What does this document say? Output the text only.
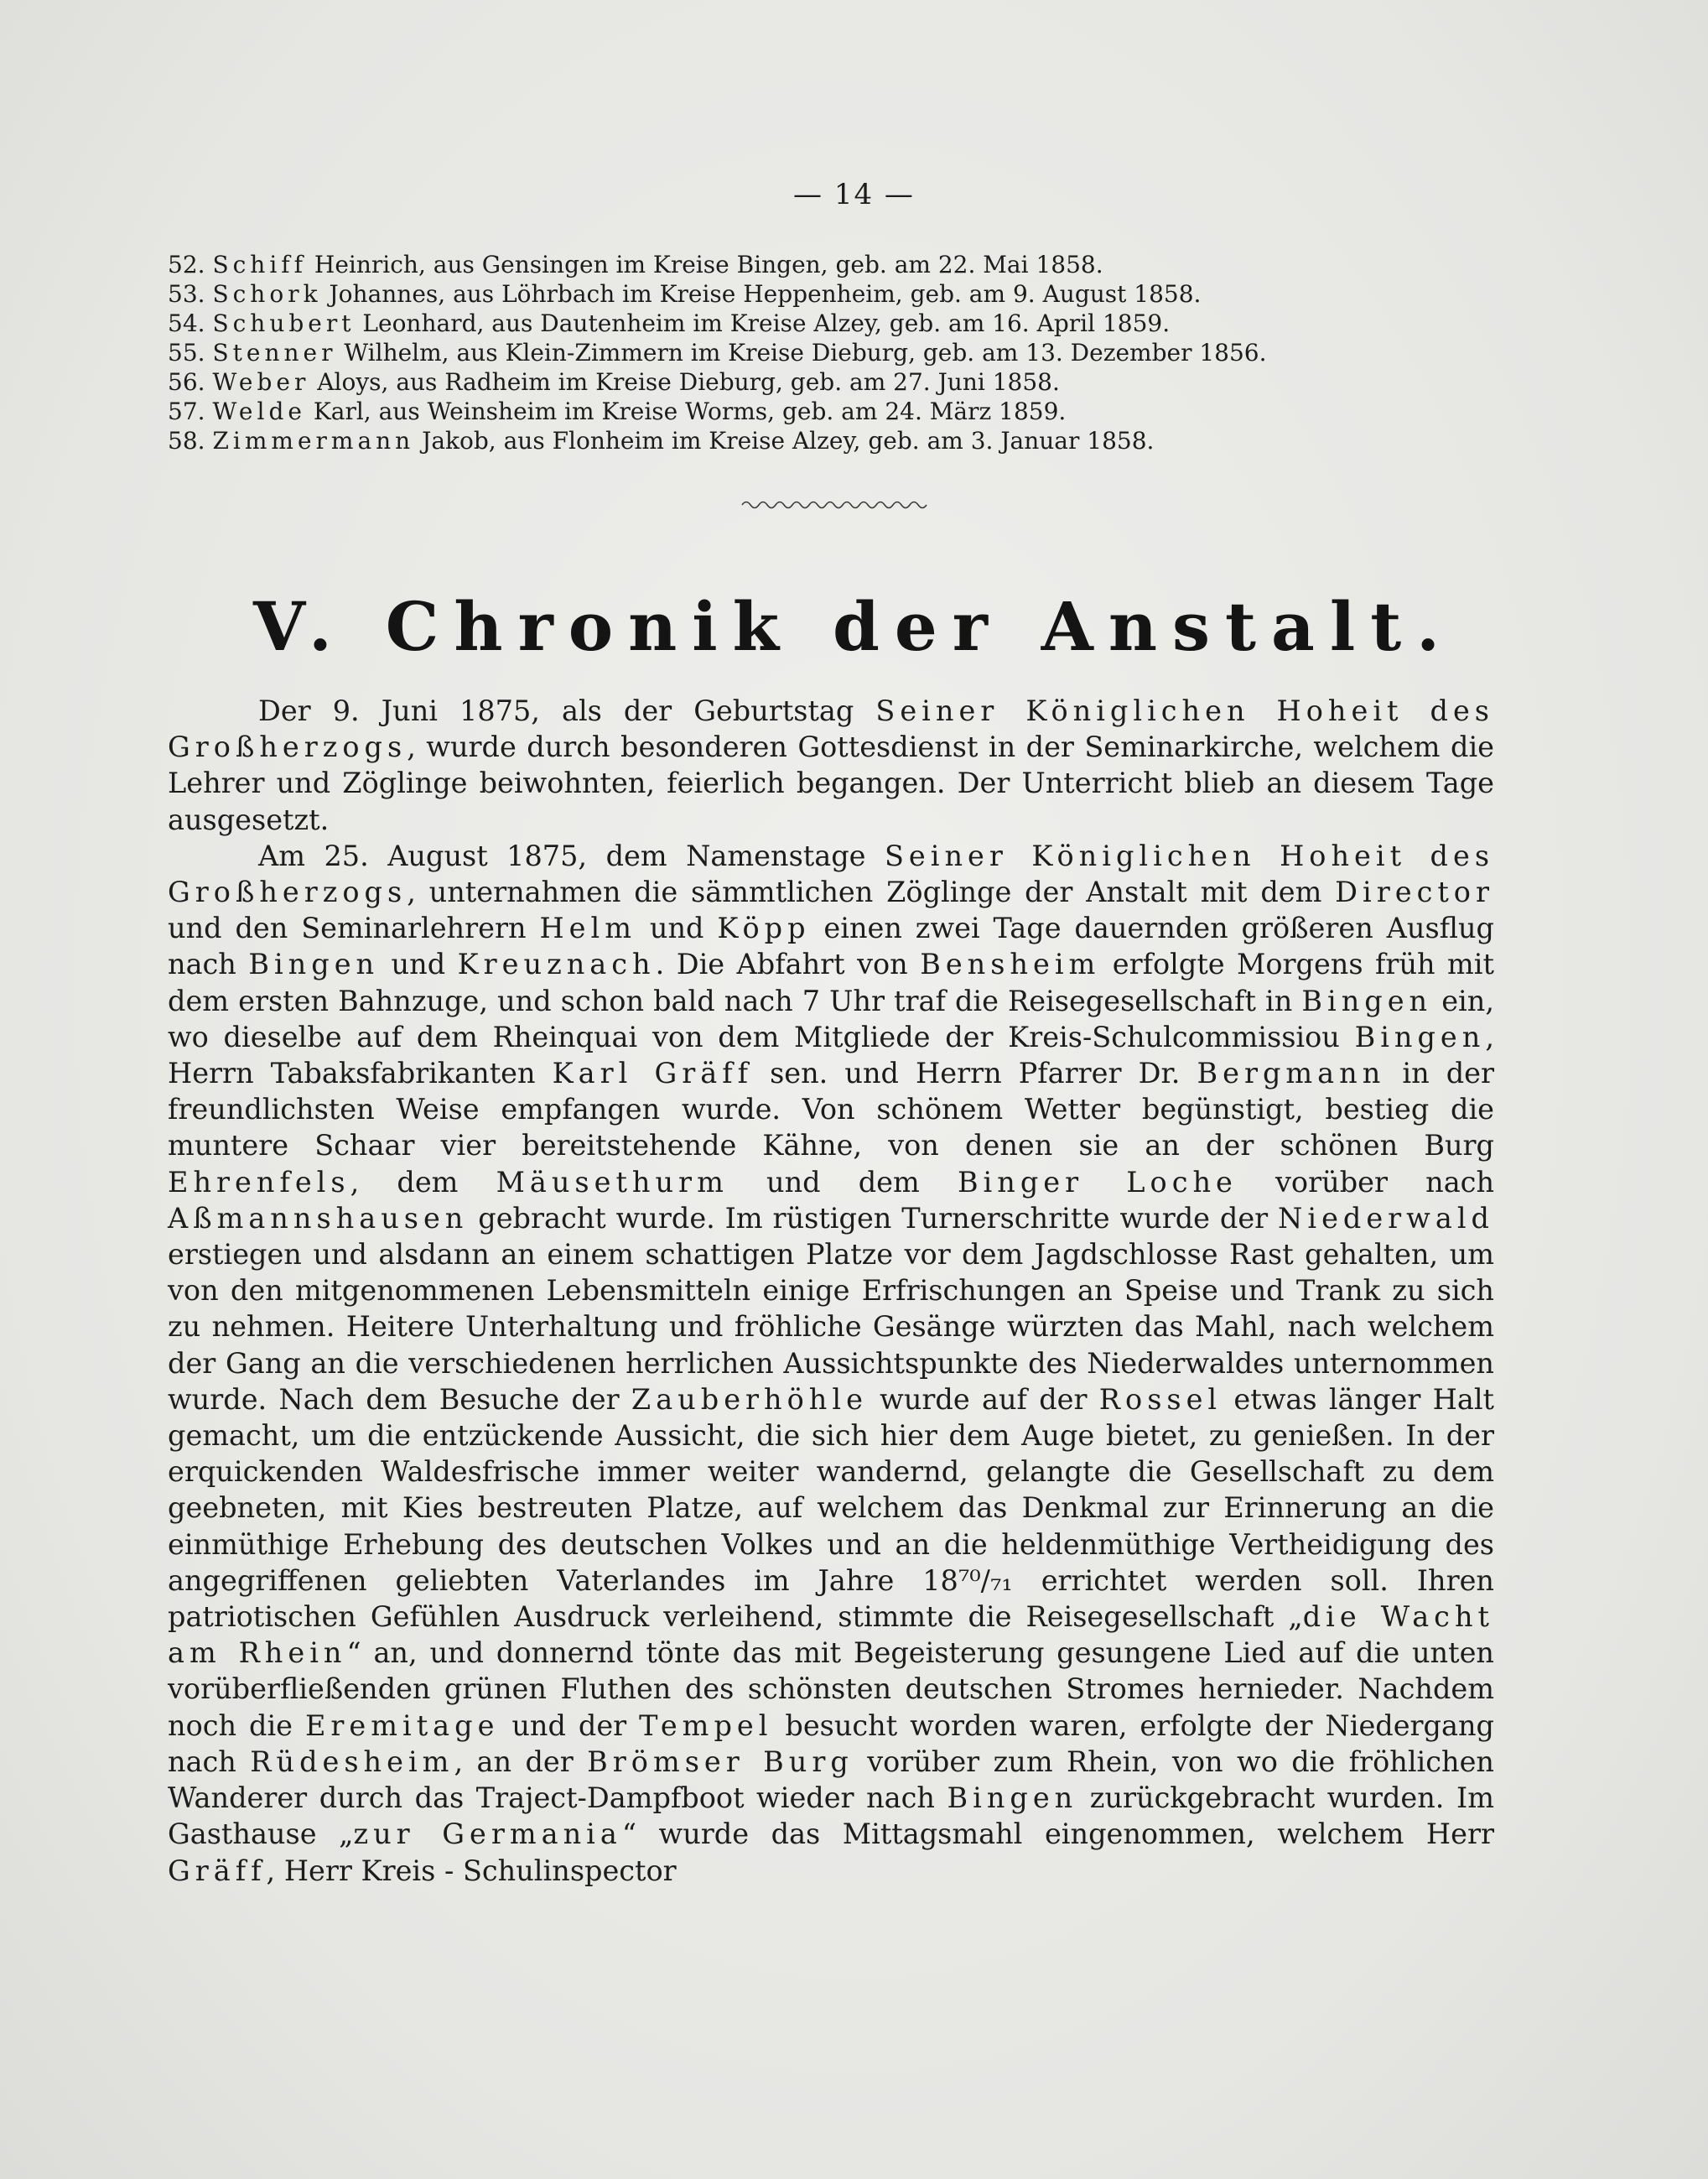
— 14 —
52. Schiff Heinrich, aus Gensingen im Kreise Bingen, geb. am 22. Mai 1858.
53. Schork Johannes, aus Löhrbach im Kreise Heppenheim, geb. am 9. August 1858.
54. Schubert Leonhard, aus Dautenheim im Kreise Alzey, geb. am 16. April 1859.
55. Stenner Wilhelm, aus Klein-Zimmern im Kreise Dieburg, geb. am 13. Dezember 1856.
56. Weber Aloys, aus Radheim im Kreise Dieburg, geb. am 27. Juni 1858.
57. Welde Karl, aus Weinsheim im Kreise Worms, geb. am 24. März 1859.
58. Zimmermann Jakob, aus Flonheim im Kreise Alzey, geb. am 3. Januar 1858.
V. Chronik der Anstalt.

Der 9. Juni 1875, als der Geburtstag Seiner Königlichen Hoheit des Großherzogs, wurde durch besonderen Gottesdienst in der Seminarkirche, welchem die Lehrer und Zöglinge beiwohnten, feierlich begangen. Der Unterricht blieb an diesem Tage ausgesetzt.

Am 25. August 1875, dem Namenstage Seiner Königlichen Hoheit des Großherzogs, unternahmen die sämmtlichen Zöglinge der Anstalt mit dem Director und den Seminarlehrern Helm und Köpp einen zwei Tage dauernden größeren Ausflug nach Bingen und Kreuznach. Die Abfahrt von Bensheim erfolgte Morgens früh mit dem ersten Bahnzuge, und schon bald nach 7 Uhr traf die Reisegesellschaft in Bingen ein, wo dieselbe auf dem Rheinquai von dem Mitgliede der Kreis-Schulcommissiou Bingen, Herrn Tabaksfabrikanten Karl Gräff sen. und Herrn Pfarrer Dr. Bergmann in der freundlichsten Weise empfangen wurde. Von schönem Wetter begünstigt, bestieg die muntere Schaar vier bereitstehende Kähne, von denen sie an der schönen Burg Ehrenfels, dem Mäusethurm und dem Binger Loche vorüber nach Aßmannshausen gebracht wurde. Im rüstigen Turnerschritte wurde der Niederwald erstiegen und alsdann an einem schattigen Platze vor dem Jagdschlosse Rast gehalten, um von den mitgenommenen Lebensmitteln einige Erfrischungen an Speise und Trank zu sich zu nehmen. Heitere Unterhaltung und fröhliche Gesänge würzten das Mahl, nach welchem der Gang an die verschiedenen herrlichen Aussichtspunkte des Niederwaldes unternommen wurde. Nach dem Besuche der Zauberhöhle wurde auf der Rossel etwas länger Halt gemacht, um die entzückende Aussicht, die sich hier dem Auge bietet, zu genießen. In der erquickenden Waldesfrische immer weiter wandernd, gelangte die Gesellschaft zu dem geebneten, mit Kies bestreuten Platze, auf welchem das Denkmal zur Erinnerung an die einmüthige Erhebung des deutschen Volkes und an die heldenmüthige Vertheidigung des angegriffenen geliebten Vaterlandes im Jahre 18⁷⁰/₇₁ errichtet werden soll. Ihren patriotischen Gefühlen Ausdruck verleihend, stimmte die Reisegesellschaft „die Wacht am Rhein“ an, und donnernd tönte das mit Begeisterung gesungene Lied auf die unten vorüberfließenden grünen Fluthen des schönsten deutschen Stromes hernieder. Nachdem noch die Eremitage und der Tempel besucht worden waren, erfolgte der Niedergang nach Rüdesheim, an der Brömser Burg vorüber zum Rhein, von wo die fröhlichen Wanderer durch das Traject-Dampfboot wieder nach Bingen zurückgebracht wurden. Im Gasthause „zur Germania“ wurde das Mittagsmahl eingenommen, welchem Herr Gräff, Herr Kreis - Schulinspector
